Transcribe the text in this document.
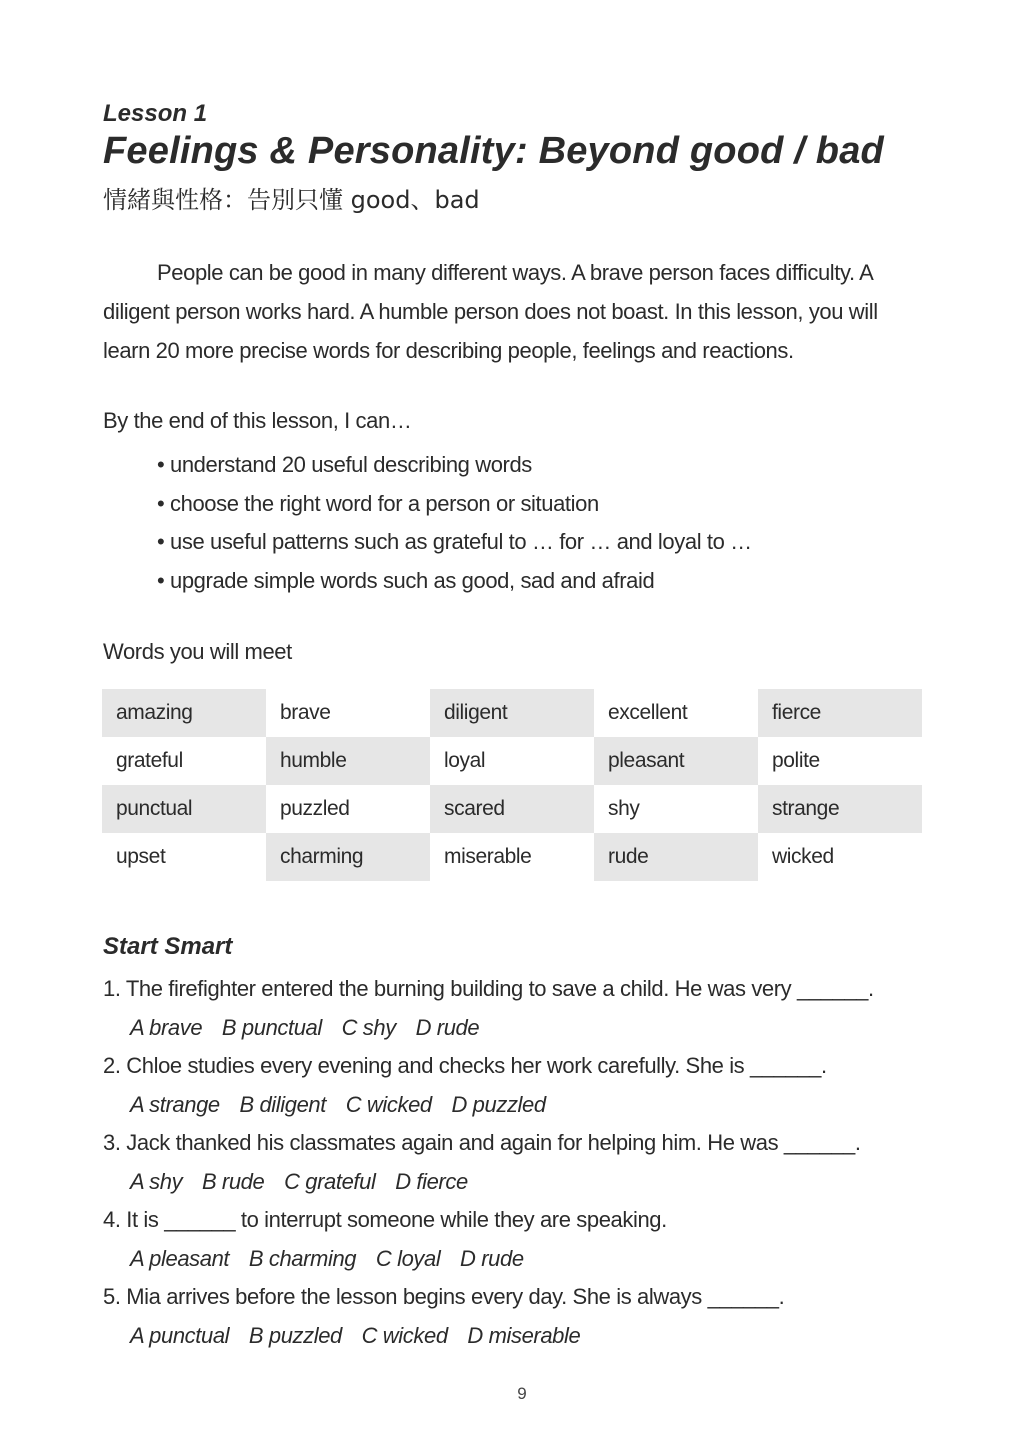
Lesson 1
Feelings & Personality: Beyond good / bad
情緒與性格：告別只懂 good、bad

People can be good in many different ways. A brave person faces difficulty. A diligent person works hard. A humble person does not boast. In this lesson, you will learn 20 more precise words for describing people, feelings and reactions.

By the end of this lesson, I can…

• understand 20 useful describing words
• choose the right word for a person or situation
• use useful patterns such as grateful to … for … and loyal to …
• upgrade simple words such as good, sad and afraid

Words you will meet

amazing	brave	diligent	excellent	fierce
grateful	humble	loyal	pleasant	polite
punctual	puzzled	scared	shy	strange
upset	charming	miserable	rude	wicked

Start Smart

1. The firefighter entered the burning building to save a child. He was very ______.
A brave B punctual C shy D rude
2. Chloe studies every evening and checks her work carefully. She is ______.
A strange B diligent C wicked D puzzled
3. Jack thanked his classmates again and again for helping him. He was ______.
A shy B rude C grateful D fierce
4. It is ______ to interrupt someone while they are speaking.
A pleasant B charming C loyal D rude
5. Mia arrives before the lesson begins every day. She is always ______.
A punctual B puzzled C wicked D miserable
9
